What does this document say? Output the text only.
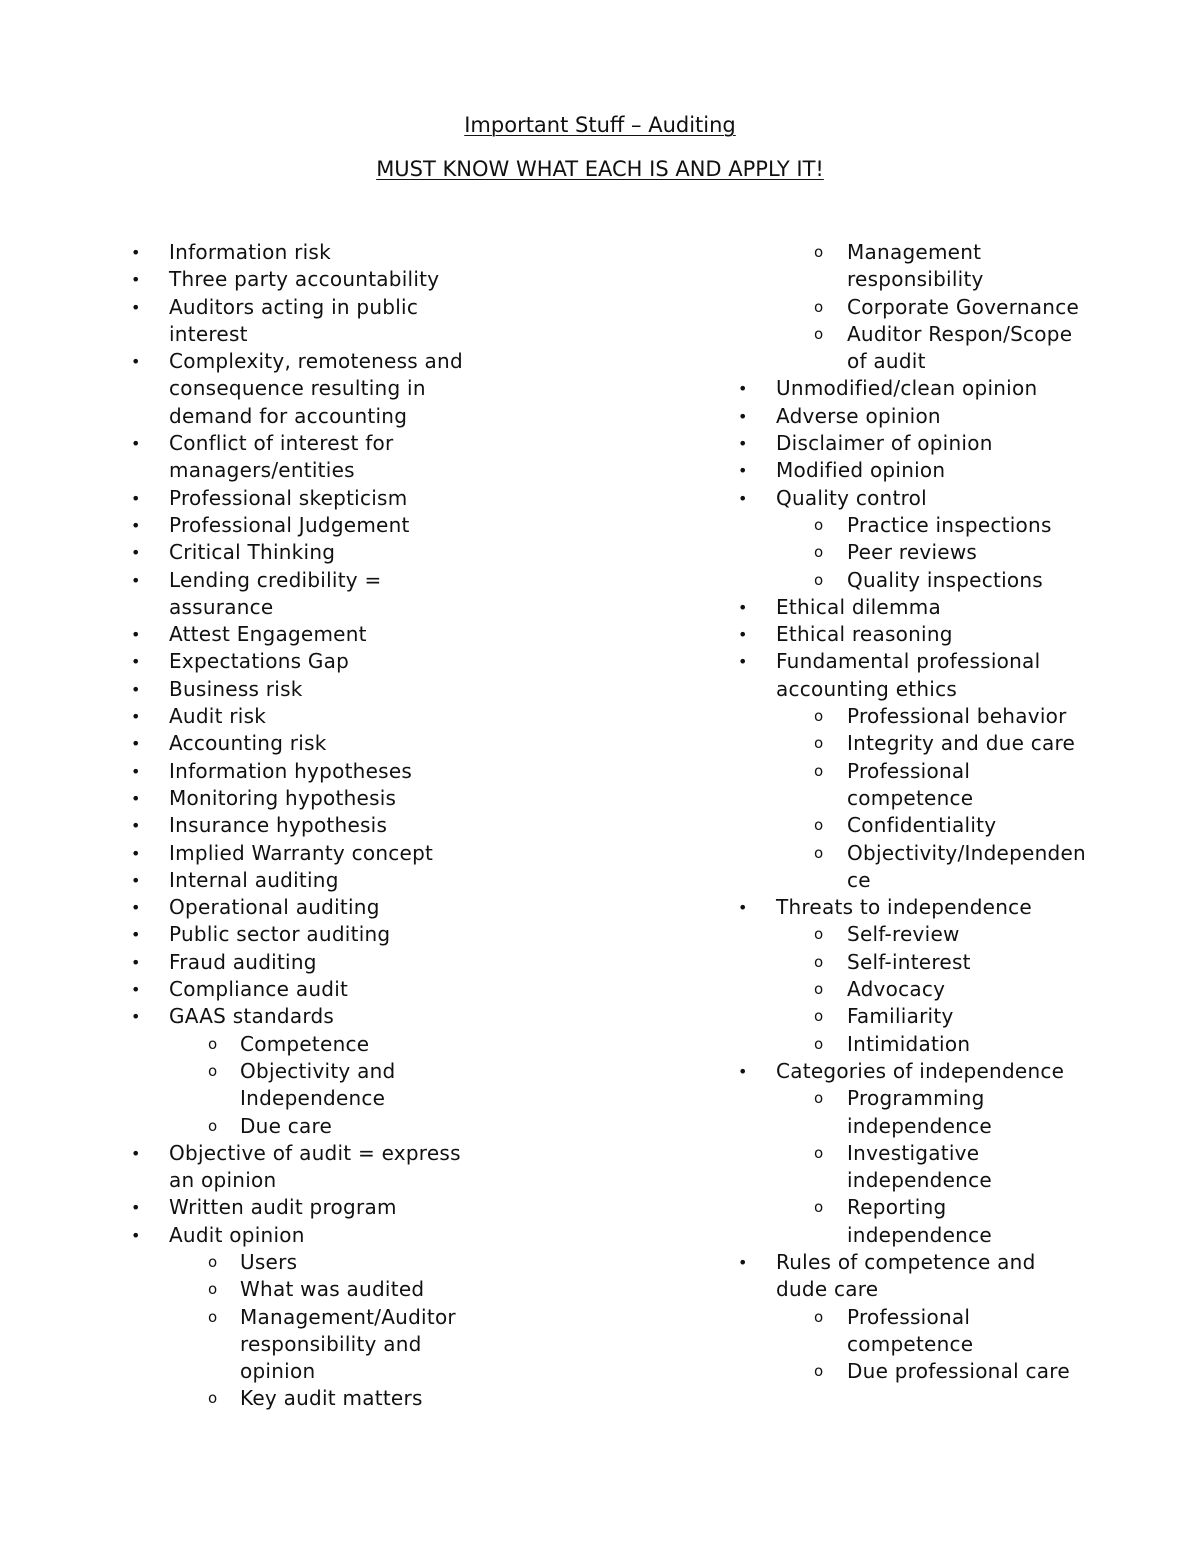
Important Stuff – Auditing
MUST KNOW WHAT EACH IS AND APPLY IT!
• Information risk
• Three party accountability
• Auditors acting in public
interest
• Complexity, remoteness and
consequence resulting in
demand for accounting
• Conflict of interest for
managers/entities
• Professional skepticism
• Professional Judgement
• Critical Thinking
• Lending credibility =
assurance
• Attest Engagement
• Expectations Gap
• Business risk
• Audit risk
• Accounting risk
• Information hypotheses
• Monitoring hypothesis
• Insurance hypothesis
• Implied Warranty concept
• Internal auditing
• Operational auditing
• Public sector auditing
• Fraud auditing
• Compliance audit
• GAAS standards
o Competence
o Objectivity and
Independence
o Due care
• Objective of audit = express
an opinion
• Written audit program
• Audit opinion
o Users
o What was audited
o Management/Auditor
responsibility and
opinion
o Key audit matters
o Management
responsibility
o Corporate Governance
o Auditor Respon/Scope
of audit
• Unmodified/clean opinion
• Adverse opinion
• Disclaimer of opinion
• Modified opinion
• Quality control
o Practice inspections
o Peer reviews
o Quality inspections
• Ethical dilemma
• Ethical reasoning
• Fundamental professional
accounting ethics
o Professional behavior
o Integrity and due care
o Professional
competence
o Confidentiality
o Objectivity/Independen
ce
• Threats to independence
o Self-review
o Self-interest
o Advocacy
o Familiarity
o Intimidation
• Categories of independence
o Programming
independence
o Investigative
independence
o Reporting
independence
• Rules of competence and
dude care
o Professional
competence
o Due professional care
